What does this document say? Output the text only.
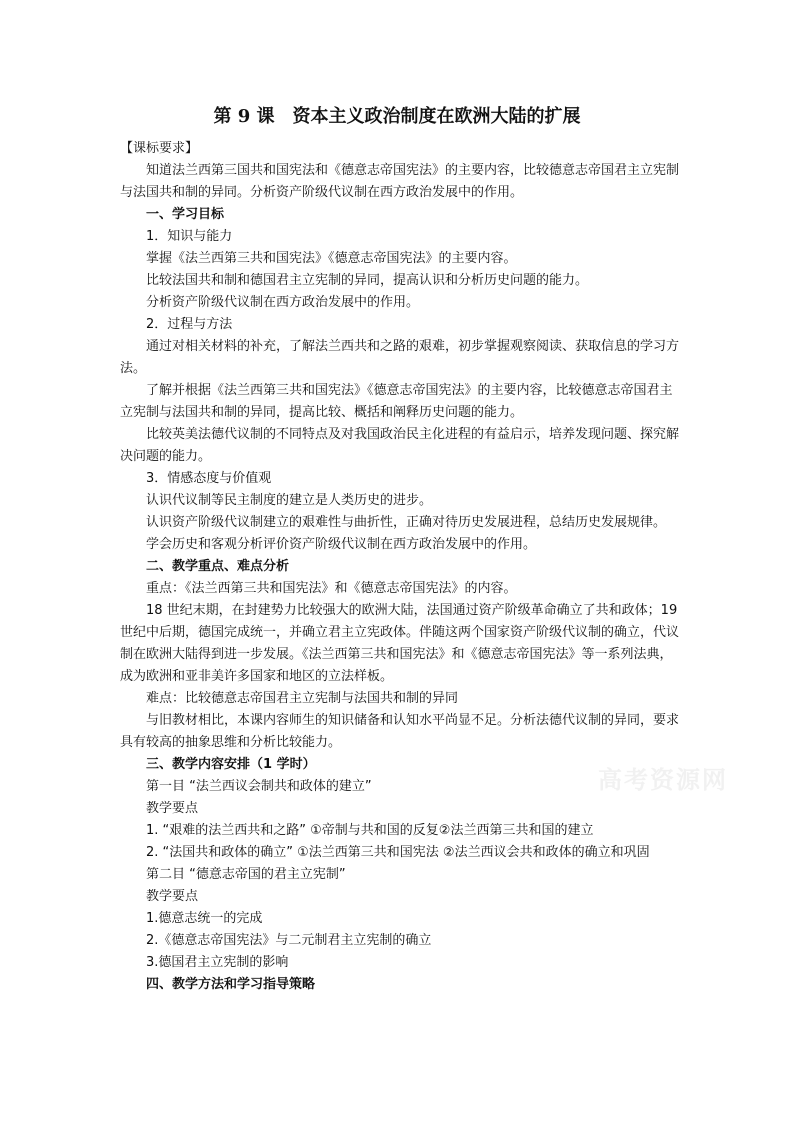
第 9 课　资本主义政治制度在欧洲大陆的扩展

【课标要求】

知道法兰西第三国共和国宪法和《德意志帝国宪法》的主要内容，比较德意志帝国君主立宪制与法国共和制的异同。分析资产阶级代议制在西方政治发展中的作用。

一、学习目标

1．知识与能力

掌握《法兰西第三共和国宪法》《德意志帝国宪法》的主要内容。

比较法国共和制和德国君主立宪制的异同，提高认识和分析历史问题的能力。

分析资产阶级代议制在西方政治发展中的作用。

2．过程与方法

通过对相关材料的补充，了解法兰西共和之路的艰难，初步掌握观察阅读、获取信息的学习方法。

了解并根据《法兰西第三共和国宪法》《德意志帝国宪法》的主要内容，比较德意志帝国君主立宪制与法国共和制的异同，提高比较、概括和阐释历史问题的能力。

比较英美法德代议制的不同特点及对我国政治民主化进程的有益启示，培养发现问题、探究解决问题的能力。

3．情感态度与价值观

认识代议制等民主制度的建立是人类历史的进步。

认识资产阶级代议制建立的艰难性与曲折性，正确对待历史发展进程，总结历史发展规律。

学会历史和客观分析评价资产阶级代议制在西方政治发展中的作用。

二、教学重点、难点分析

重点：《法兰西第三共和国宪法》和《德意志帝国宪法》的内容。

18 世纪末期，在封建势力比较强大的欧洲大陆，法国通过资产阶级革命确立了共和政体；19 世纪中后期，德国完成统一，并确立君主立宪政体。伴随这两个国家资产阶级代议制的确立，代议制在欧洲大陆得到进一步发展。《法兰西第三共和国宪法》和《德意志帝国宪法》等一系列法典，成为欧洲和亚非美许多国家和地区的立法样板。

难点：比较德意志帝国君主立宪制与法国共和制的异同

与旧教材相比，本课内容师生的知识储备和认知水平尚显不足。分析法德代议制的异同，要求具有较高的抽象思维和分析比较能力。

三、教学内容安排（1 学时）

第一目 “法兰西议会制共和政体的建立”

教学要点

1. “艰难的法兰西共和之路” ①帝制与共和国的反复②法兰西第三共和国的建立

2. “法国共和政体的确立” ①法兰西第三共和国宪法 ②法兰西议会共和政体的确立和巩固

第二目 “德意志帝国的君主立宪制”

教学要点

1.德意志统一的完成

2.《德意志帝国宪法》与二元制君主立宪制的确立

3.德国君主立宪制的影响

四、教学方法和学习指导策略

高考资源网
